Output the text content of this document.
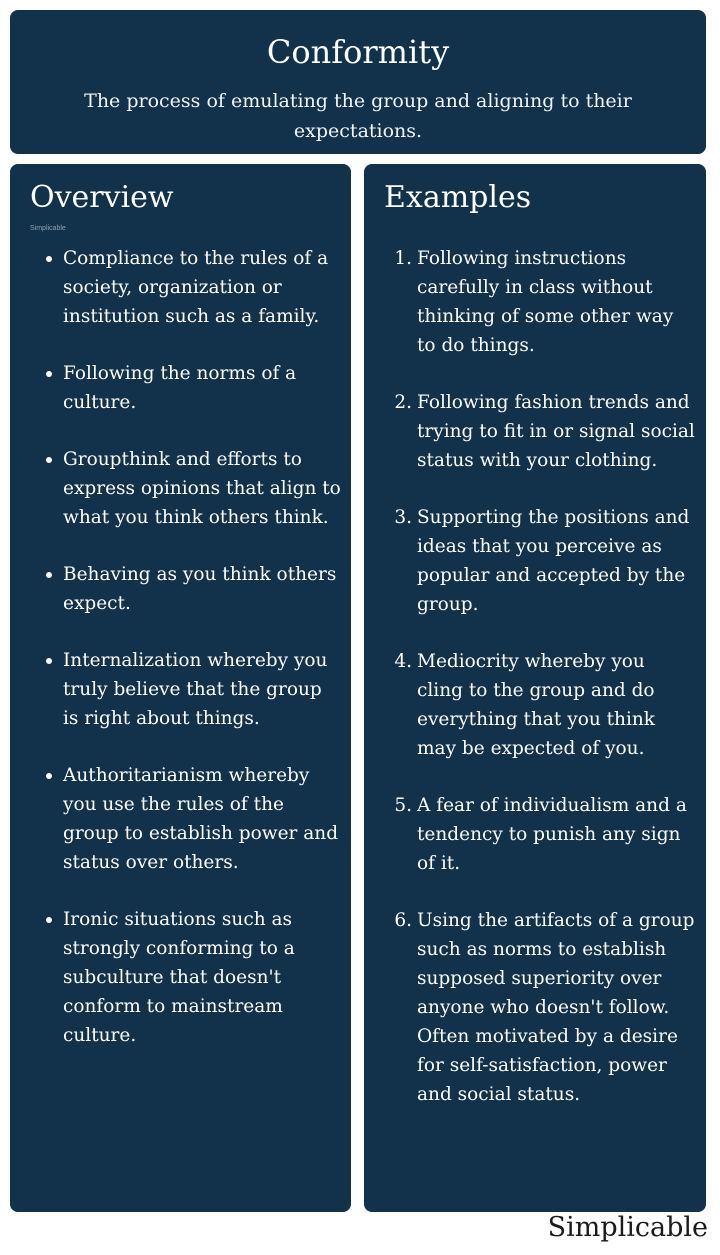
Conformity

The process of emulating the group and aligning to their expectations.

Overview
Simplicable
Compliance to the rules of a society, organization or institution such as a family.
Following the norms of a culture.
Groupthink and efforts to express opinions that align to what you think others think.
Behaving as you think others expect.
Internalization whereby you truly believe that the group is right about things.
Authoritarianism whereby you use the rules of the group to establish power and status over others.
Ironic situations such as strongly conforming to a subculture that doesn't conform to mainstream culture.
Examples
1. Following instructions carefully in class without thinking of some other way to do things.
2. Following fashion trends and trying to fit in or signal social status with your clothing.
3. Supporting the positions and ideas that you perceive as popular and accepted by the group.
4. Mediocrity whereby you cling to the group and do everything that you think may be expected of you.
5. A fear of individualism and a tendency to punish any sign of it.
6. Using the artifacts of a group such as norms to establish supposed superiority over anyone who doesn't follow. Often motivated by a desire for self-satisfaction, power and social status.
Simplicable
